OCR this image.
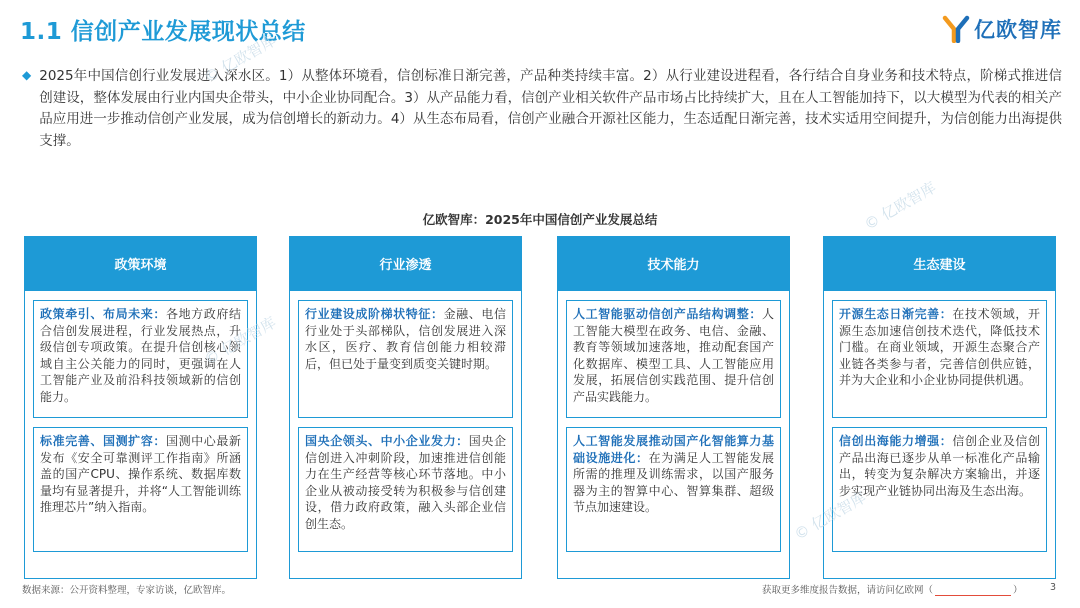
1.1 信创产业发展现状总结	亿欧智库
◆ 2025年中国信创行业发展进入深水区。1）从整体环境看，信创标准日渐完善，产品种类持续丰富。2）从行业建设进程看，各行结合自身业务和技术特点，阶梯式推进信创建设，整体发展由行业内国央企带头，中小企业协同配合。3）从产品能力看，信创产业相关软件产品市场占比持续扩大，且在人工智能加持下，以大模型为代表的相关产品应用进一步推动信创产业发展，成为信创增长的新动力。4）从生态布局看，信创产业融合开源社区能力，生态适配日渐完善，技术实适用空间提升，为信创能力出海提供支撑。
亿欧智库：2025年中国信创产业发展总结
政策环境
政策牵引、布局未来：各地方政府结合信创发展进程，行业发展热点，升级信创专项政策。在提升信创核心领域自主公关能力的同时，更强调在人工智能产业及前沿科技领域新的信创能力。
标准完善、国测扩容：国测中心最新发布《安全可靠测评工作指南》所涵盖的国产CPU、操作系统、数据库数量均有显著提升，并将“人工智能训练推理芯片”纳入指南。
行业渗透
行业建设成阶梯状特征：金融、电信行业处于头部梯队，信创发展进入深水区，医疗、教育信创能力相较滞后，但已处于量变到质变关键时期。
国央企领头、中小企业发力：国央企信创进入冲刺阶段，加速推进信创能力在生产经营等核心环节落地。中小企业从被动接受转为积极参与信创建设，借力政府政策，融入头部企业信创生态。
技术能力
人工智能驱动信创产品结构调整：人工智能大模型在政务、电信、金融、教育等领域加速落地，推动配套国产化数据库、模型工具、人工智能应用发展，拓展信创实践范围、提升信创产品实践能力。
人工智能发展推动国产化智能算力基础设施进化：在为满足人工智能发展所需的推理及训练需求，以国产服务器为主的智算中心、智算集群、超级节点加速建设。
生态建设
开源生态日渐完善：在技术领域，开源生态加速信创技术迭代，降低技术门槛。在商业领域，开源生态聚合产业链各类参与者，完善信创供应链，并为大企业和小企业协同提供机遇。
信创出海能力增强：信创企业及信创产品出海已逐步从单一标准化产品输出，转变为复杂解决方案输出，并逐步实现产业链协同出海及生态出海。
© 亿欧智库
© 亿欧智库
© 亿欧智库
© 亿欧智库
数据来源：公开资料整理，专家访谈，亿欧智库。	获取更多维度报告数据，请访问亿欧网（	）	3
